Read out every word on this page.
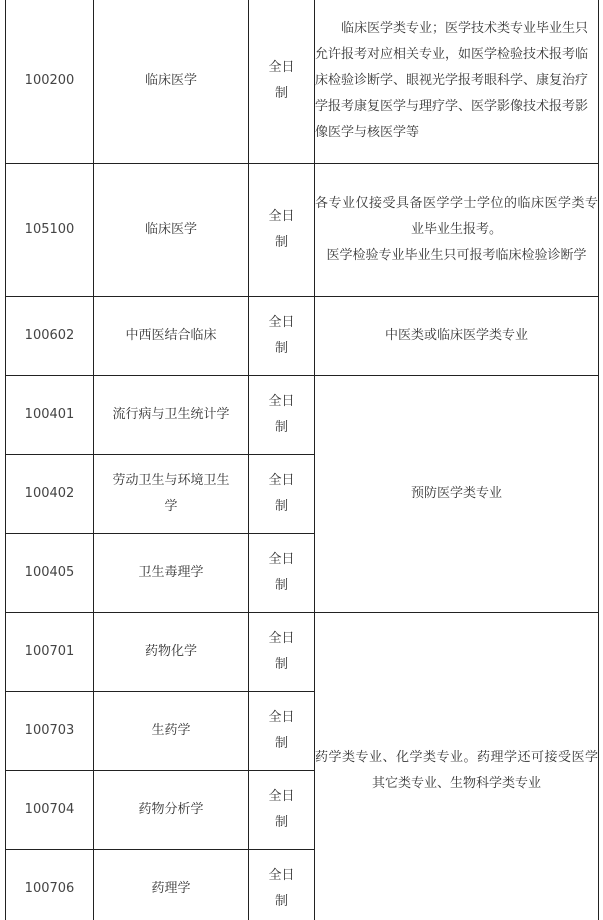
100200	临床医学	全日制	　　临床医学类专业；医学技术类专业毕业生只允许报考对应相关专业，如医学检验技术报考临床检验诊断学、眼视光学报考眼科学、康复治疗学报考康复医学与理疗学、医学影像技术报考影像医学与核医学等

105100	临床医学	全日制	各专业仅接受具备医学学士学位的临床医学类专业毕业生报考。
医学检验专业毕业生只可报考临床检验诊断学

100602	中西医结合临床	全日制	中医类或临床医学类专业

100401	流行病与卫生统计学	全日制	预防医学类专业

100402	劳动卫生与环境卫生学	全日制	

100405	卫生毒理学	全日制	

100701	药物化学	全日制	药学类专业、化学类专业。药理学还可接受医学其它类专业、生物科学类专业

100703	生药学	全日制	

100704	药物分析学	全日制	

100706	药理学	全日制	
